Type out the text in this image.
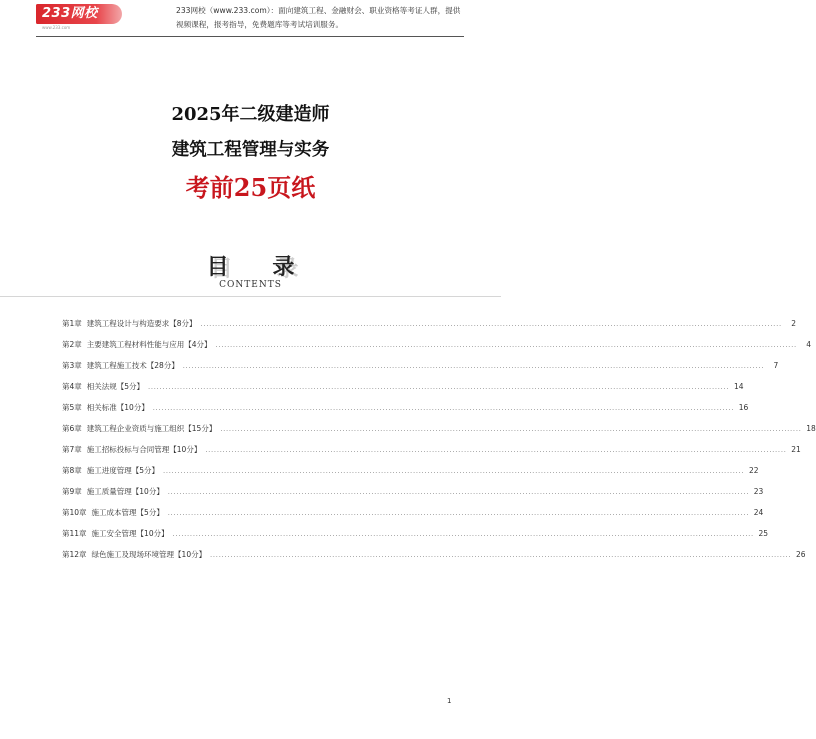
233网校
www.233.com
233网校（www.233.com）：面向建筑工程、金融财会、职业资格等考证人群，提供视频课程，报考指导，免费题库等考试培训服务。
2025年二级建造师
建筑工程管理与实务
考前25页纸
目 录
CONTENTS
第1章 建筑工程设计与构造要求【8分】 ........................................................................................................................................................................................................	2
第2章 主要建筑工程材料性能与应用【4分】 ........................................................................................................................................................................................................	4
第3章 建筑工程施工技术【28分】 ........................................................................................................................................................................................................	7
第4章 相关法规【5分】 ........................................................................................................................................................................................................ 14
第5章 相关标准【10分】 ........................................................................................................................................................................................................ 16
第6章 建筑工程企业资质与施工组织【15分】 ........................................................................................................................................................................................................ 18
第7章 施工招标投标与合同管理【10分】 ........................................................................................................................................................................................................ 21
第8章 施工进度管理【5分】 ........................................................................................................................................................................................................ 22
第9章 施工质量管理【10分】 ........................................................................................................................................................................................................ 23
第10章 施工成本管理【5分】 ........................................................................................................................................................................................................ 24
第11章 施工安全管理【10分】 ........................................................................................................................................................................................................ 25
第12章 绿色施工及现场环境管理【10分】 ........................................................................................................................................................................................................ 26
1
